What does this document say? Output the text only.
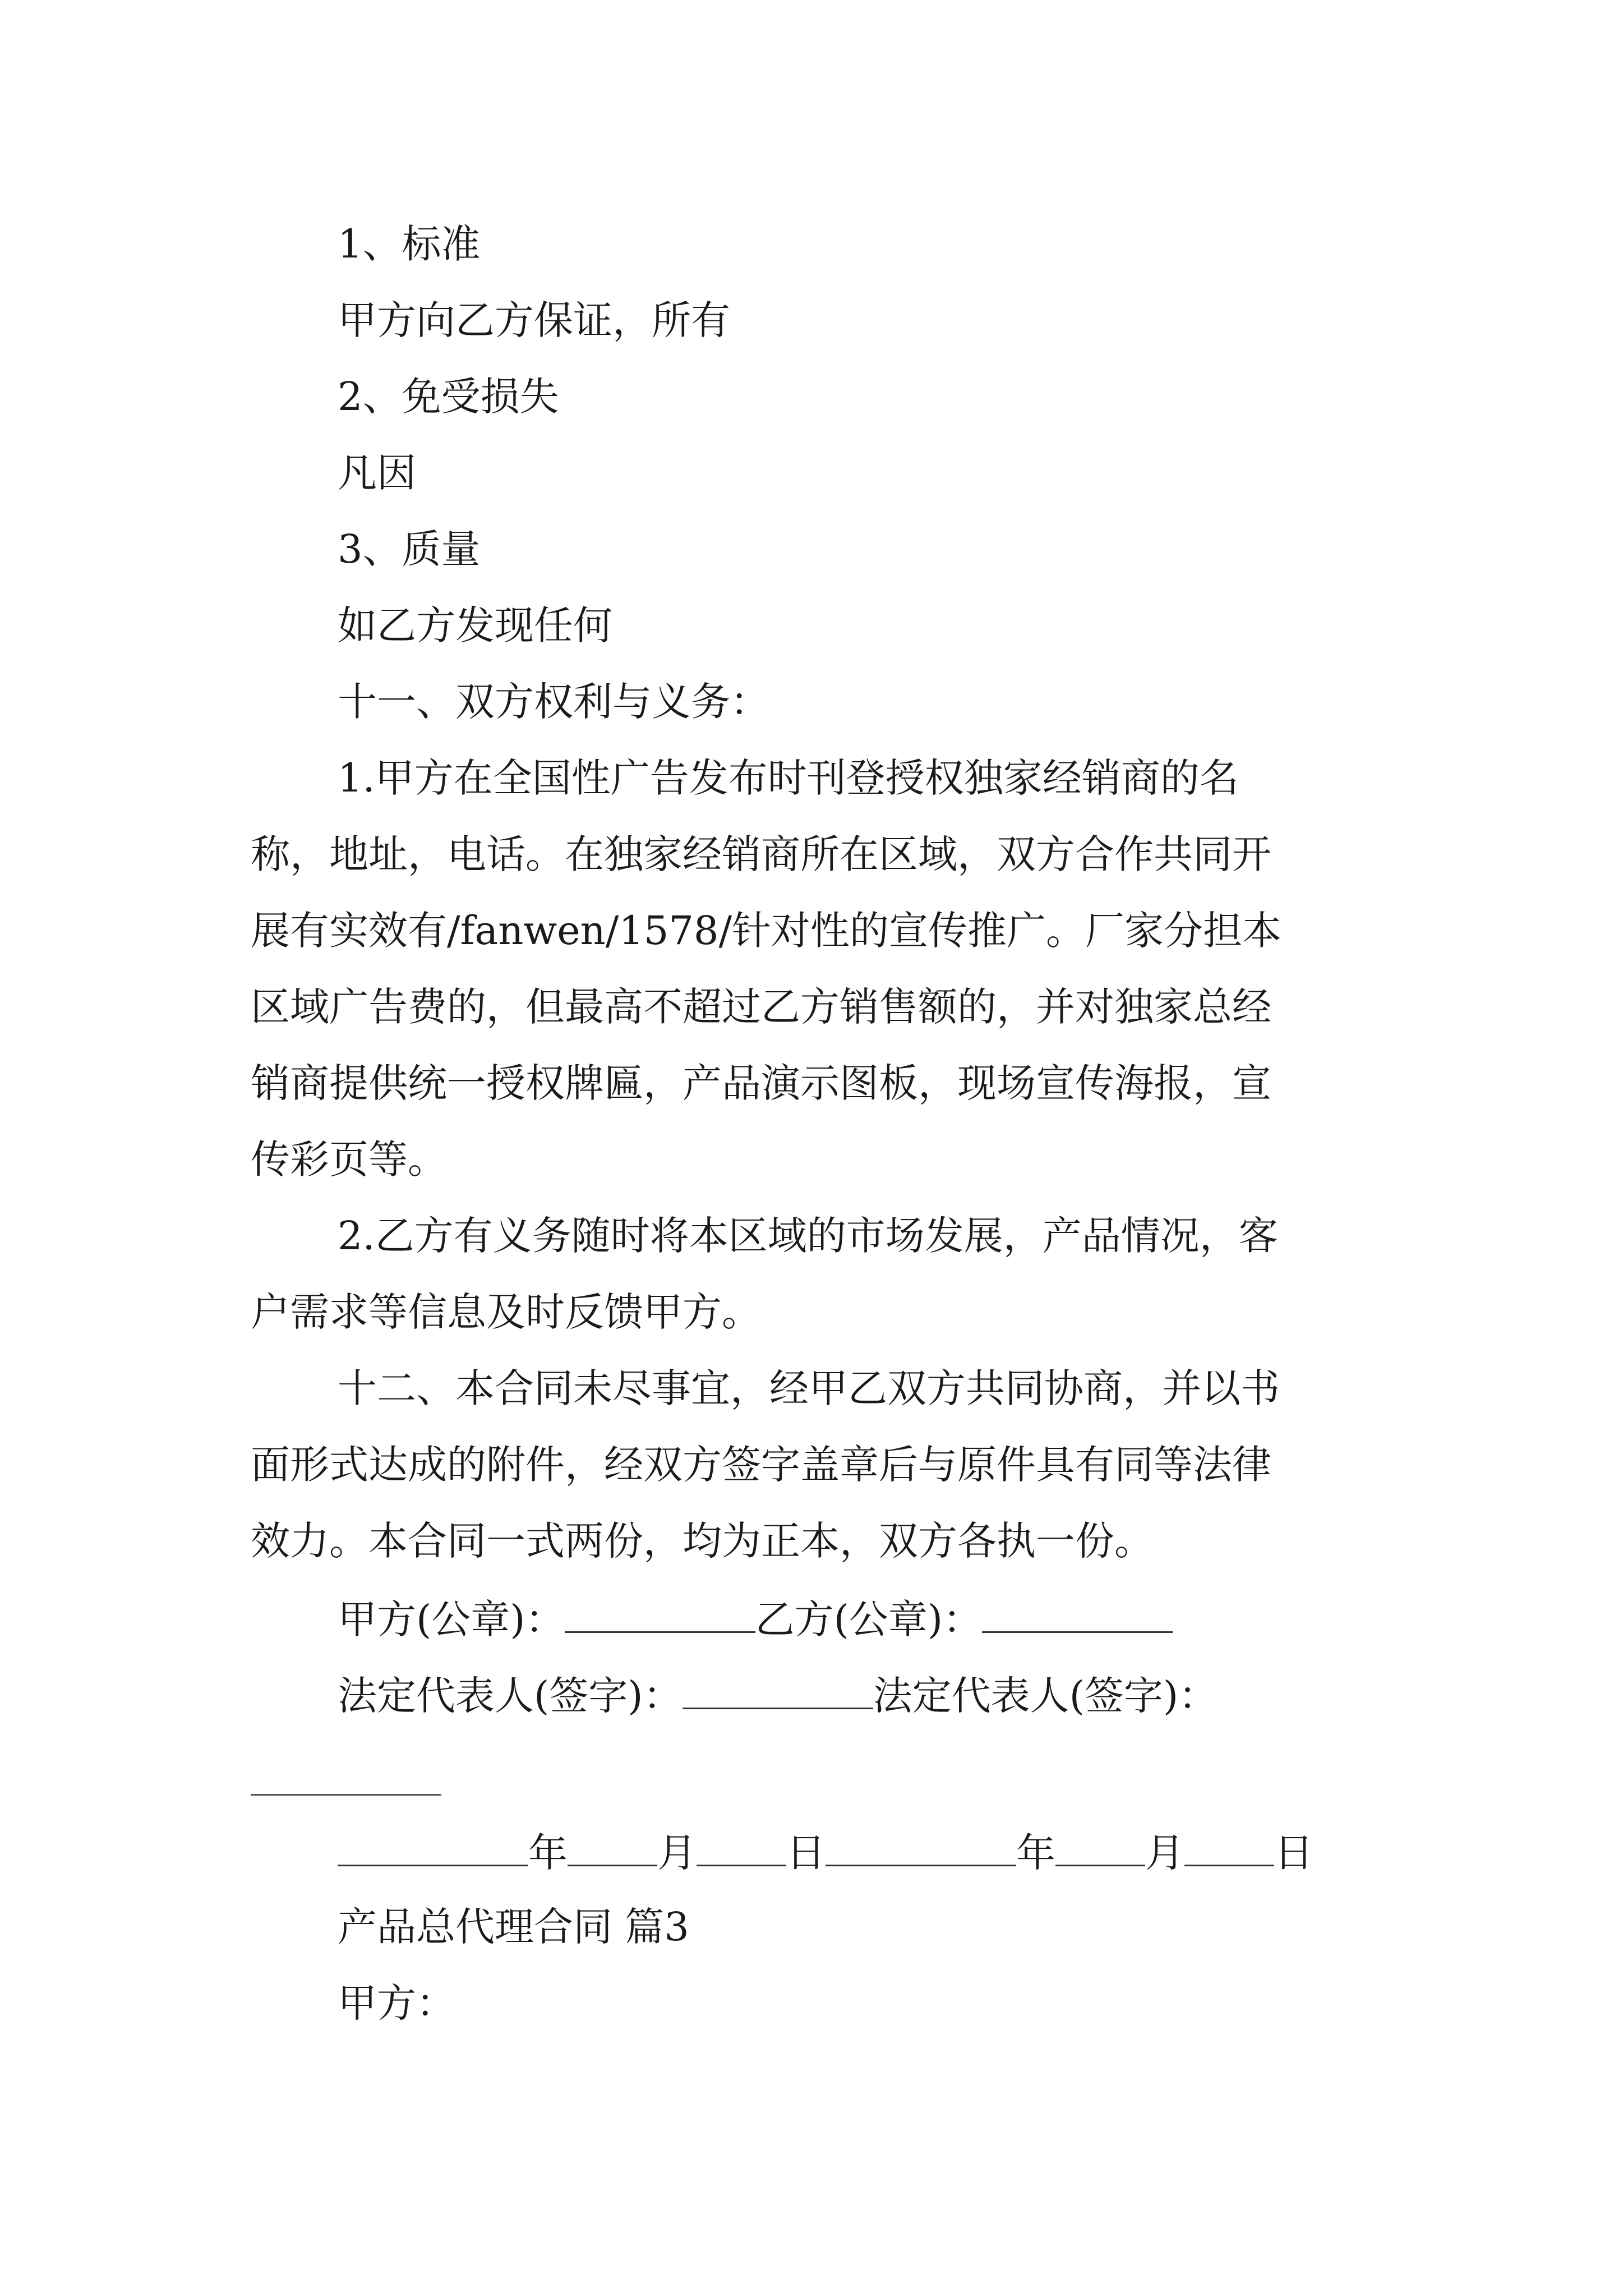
1、标准
甲方向乙方保证，所有
2、免受损失
凡因
3、质量
如乙方发现任何
十一、双方权利与义务：
1.甲方在全国性广告发布时刊登授权独家经销商的名
称，地址，电话。在独家经销商所在区域，双方合作共同开
展有实效有/fanwen/1578/针对性的宣传推广。厂家分担本
区域广告费的，但最高不超过乙方销售额的，并对独家总经
销商提供统一授权牌匾，产品演示图板，现场宣传海报，宣
传彩页等。
2.乙方有义务随时将本区域的市场发展，产品情况，客
户需求等信息及时反馈甲方。
十二、本合同未尽事宜，经甲乙双方共同协商，并以书
面形式达成的附件，经双方签字盖章后与原件具有同等法律
效力。本合同一式两份，均为正本，双方各执一份。
甲方(公章)：	乙方(公章)：
法定代表人(签字)：	法定代表人(签字)：
年 月 日	年 月 日
产品总代理合同 篇3
甲方：
